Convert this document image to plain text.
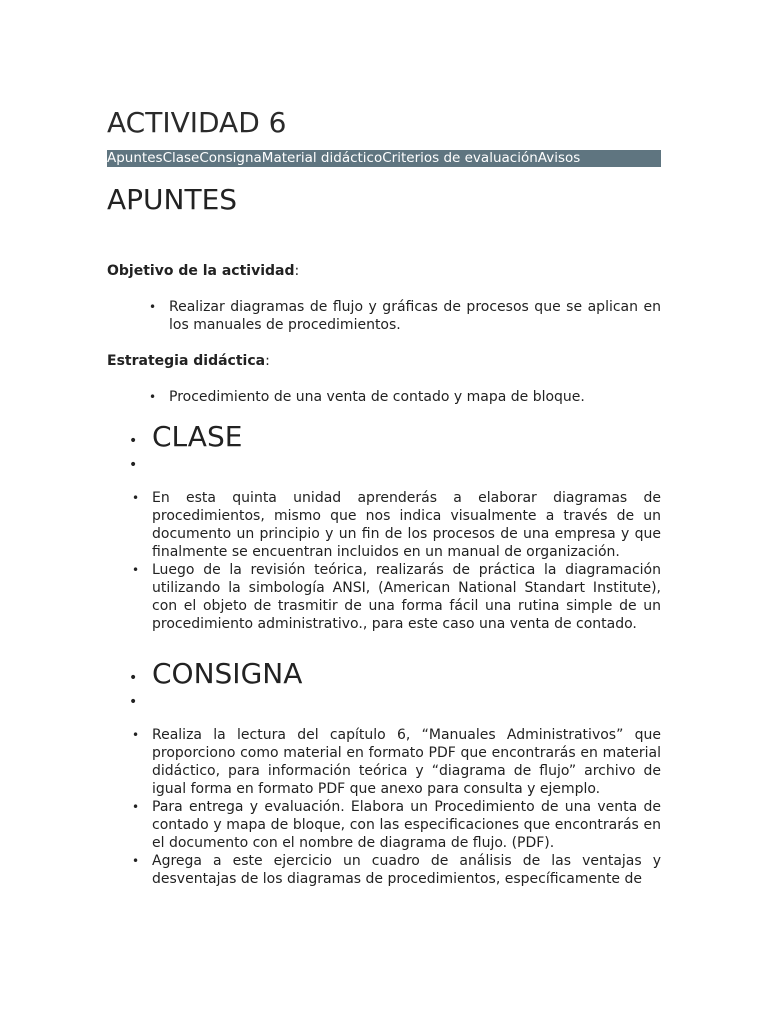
ACTIVIDAD 6
Apuntes Clase Consigna Material didáctico Criterios de evaluación Avisos
APUNTES

Objetivo de la actividad:

• Realizar diagramas de flujo y gráficas de procesos que se aplican en los manuales de procedimientos.

Estrategia didáctica:

• Procedimiento de una venta de contado y mapa de bloque.
• CLASE
•
• En esta quinta unidad aprenderás a elaborar diagramas de procedimientos, mismo que nos indica visualmente a través de un documento un principio y un fin de los procesos de una empresa y que finalmente se encuentran incluidos en un manual de organización.
• Luego de la revisión teórica, realizarás de práctica la diagramación utilizando la simbología ANSI, (American National Standart Institute), con el objeto de trasmitir de una forma fácil una rutina simple de un procedimiento administrativo., para este caso una venta de contado.
• CONSIGNA
•
• Realiza la lectura del capítulo 6, “Manuales Administrativos” que proporciono como material en formato PDF que encontrarás en material didáctico, para información teórica y “diagrama de flujo” archivo de igual forma en formato PDF que anexo para consulta y ejemplo.
• Para entrega y evaluación. Elabora un Procedimiento de una venta de contado y mapa de bloque, con las especificaciones que encontrarás en el documento con el nombre de diagrama de flujo. (PDF).
• Agrega a este ejercicio un cuadro de análisis de las ventajas y desventajas de los diagramas de procedimientos, específicamente de
